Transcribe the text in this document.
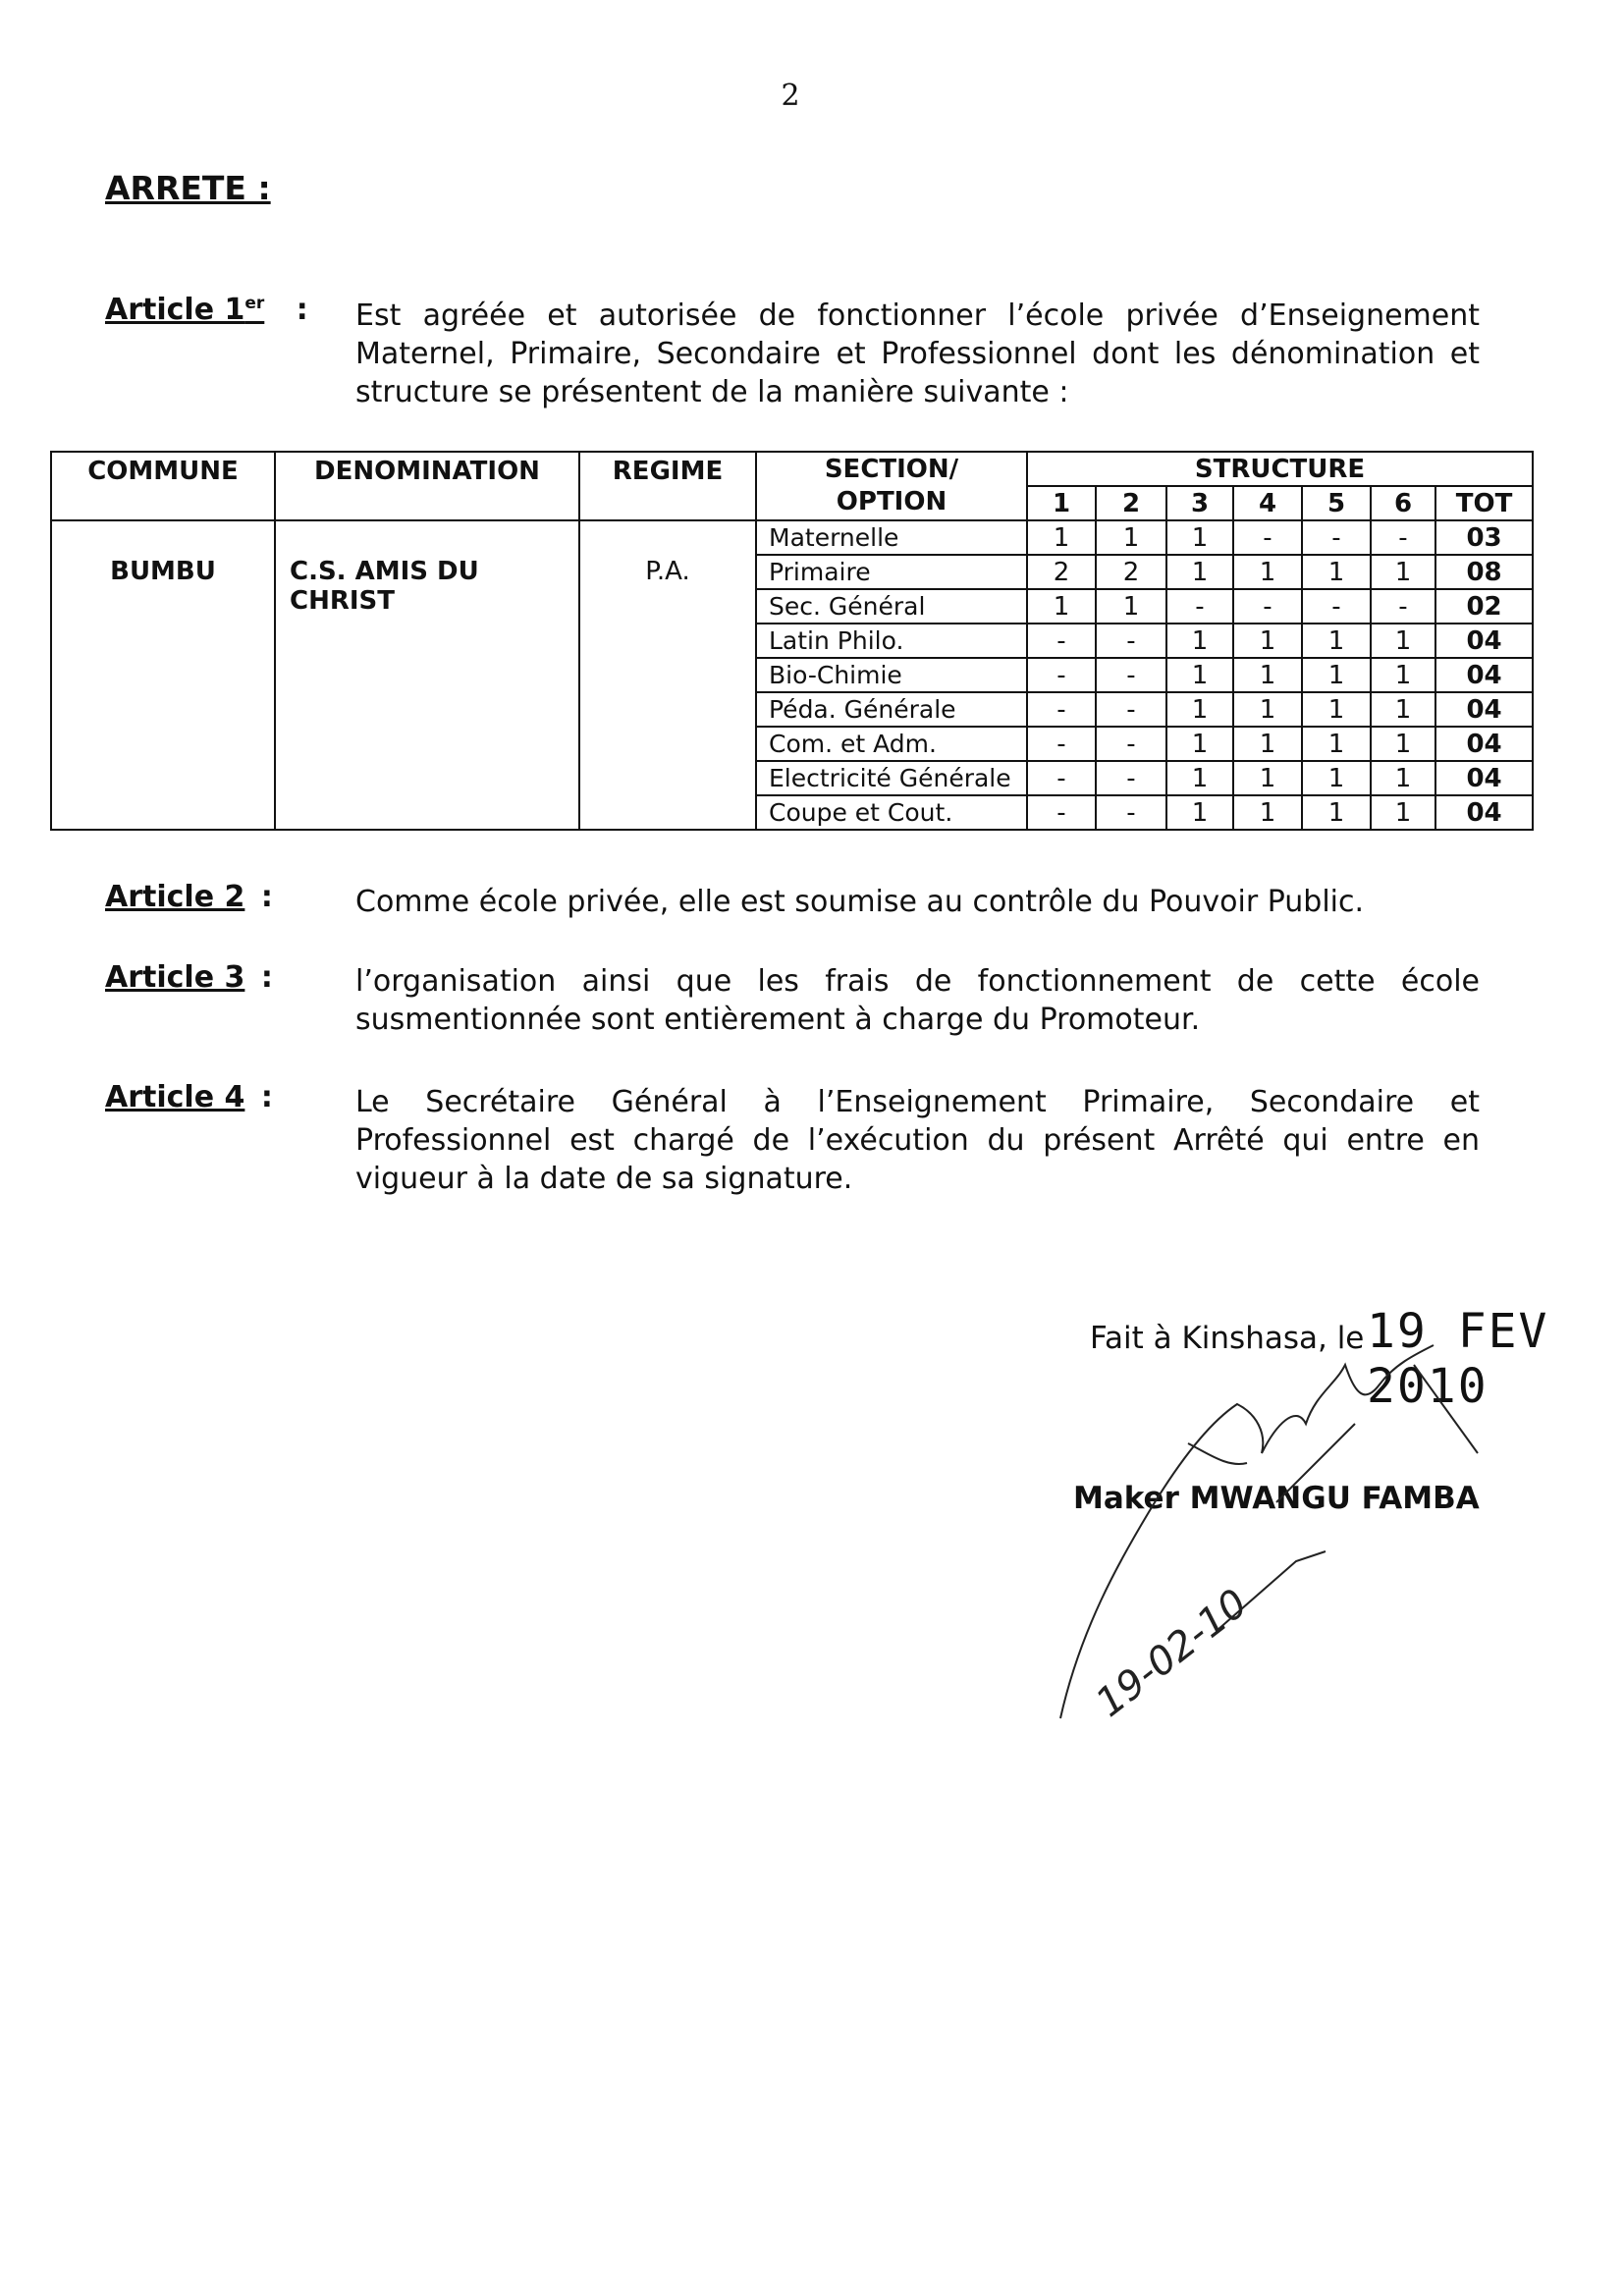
2
ARRETE :
Article 1er : Est agréée et autorisée de fonctionner l’école privée d’Enseignement Maternel, Primaire, Secondaire et Professionnel dont les dénomination et structure se présentent de la manière suivante :
COMMUNE	DENOMINATION	REGIME	SECTION/ OPTION	STRUCTURE						
				1	2	3	4	5	6	TOT
BUMBU	C.S. AMIS DU CHRIST	P.A.	Maternelle	1	1	1	-	-	-	03
			Primaire	2	2	1	1	1	1	08
			Sec. Général	1	1	-	-	-	-	02
			Latin Philo.	-	-	1	1	1	1	04
			Bio-Chimie	-	-	1	1	1	1	04
			Péda. Générale	-	-	1	1	1	1	04
			Com. et Adm.	-	-	1	1	1	1	04
			Electricité Générale	-	-	1	1	1	1	04
			Coupe et Cout.	-	-	1	1	1	1	04
Article 2 :	Comme école privée, elle est soumise au contrôle du Pouvoir Public.
Article 3 :	l’organisation ainsi que les frais de fonctionnement de cette école susmentionnée sont entièrement à charge du Promoteur.
Article 4 :	Le Secrétaire Général à l’Enseignement Primaire, Secondaire et Professionnel est chargé de l’exécution du présent Arrêté qui entre en vigueur à la date de sa signature.
Fait à Kinshasa, le 19 FEV 2010
Maker MWANGU FAMBA
19-02-10
